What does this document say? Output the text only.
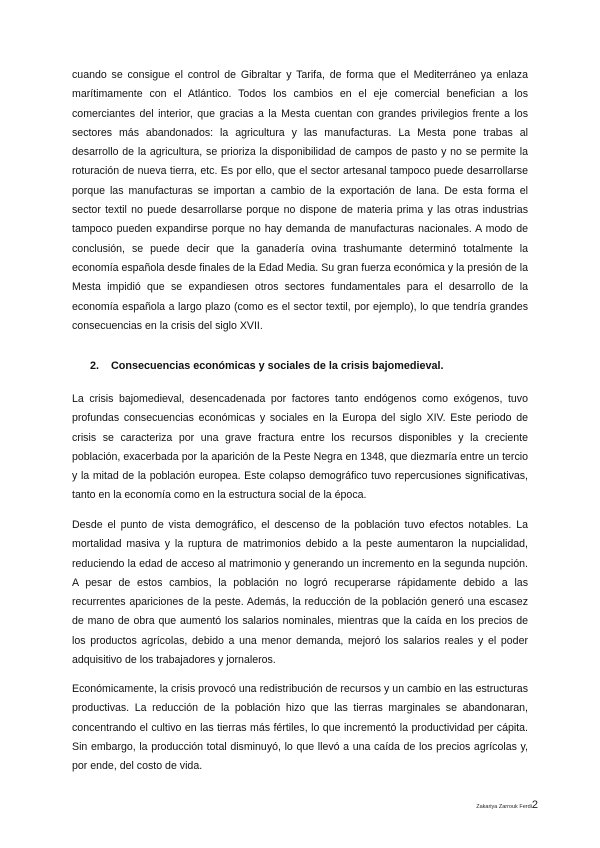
cuando se consigue el control de Gibraltar y Tarifa, de forma que el Mediterráneo ya enlaza marítimamente con el Atlántico. Todos los cambios en el eje comercial benefician a los comerciantes del interior, que gracias a la Mesta cuentan con grandes privilegios frente a los sectores más abandonados: la agricultura y las manufacturas. La Mesta pone trabas al desarrollo de la agricultura, se prioriza la disponibilidad de campos de pasto y no se permite la roturación de nueva tierra, etc. Es por ello, que el sector artesanal tampoco puede desarrollarse porque las manufacturas se importan a cambio de la exportación de lana. De esta forma el sector textil no puede desarrollarse porque no dispone de materia prima y las otras industrias tampoco pueden expandirse porque no hay demanda de manufacturas nacionales. A modo de conclusión, se puede decir que la ganadería ovina trashumante determinó totalmente la economía española desde finales de la Edad Media. Su gran fuerza económica y la presión de la Mesta impidió que se expandiesen otros sectores fundamentales para el desarrollo de la economía española a largo plazo (como es el sector textil, por ejemplo), lo que tendría grandes consecuencias en la crisis del siglo XVII.

2. Consecuencias económicas y sociales de la crisis bajomedieval.

La crisis bajomedieval, desencadenada por factores tanto endógenos como exógenos, tuvo profundas consecuencias económicas y sociales en la Europa del siglo XIV. Este periodo de crisis se caracteriza por una grave fractura entre los recursos disponibles y la creciente población, exacerbada por la aparición de la Peste Negra en 1348, que diezmaría entre un tercio y la mitad de la población europea. Este colapso demográfico tuvo repercusiones significativas, tanto en la economía como en la estructura social de la época.

Desde el punto de vista demográfico, el descenso de la población tuvo efectos notables. La mortalidad masiva y la ruptura de matrimonios debido a la peste aumentaron la nupcialidad, reduciendo la edad de acceso al matrimonio y generando un incremento en la segunda nupción. A pesar de estos cambios, la población no logró recuperarse rápidamente debido a las recurrentes apariciones de la peste. Además, la reducción de la población generó una escasez de mano de obra que aumentó los salarios nominales, mientras que la caída en los precios de los productos agrícolas, debido a una menor demanda, mejoró los salarios reales y el poder adquisitivo de los trabajadores y jornaleros.

Económicamente, la crisis provocó una redistribución de recursos y un cambio en las estructuras productivas. La reducción de la población hizo que las tierras marginales se abandonaran, concentrando el cultivo en las tierras más fértiles, lo que incrementó la productividad per cápita. Sin embargo, la producción total disminuyó, lo que llevó a una caída de los precios agrícolas y, por ende, del costo de vida.

Zakariya Zarrouk Ferdi2
